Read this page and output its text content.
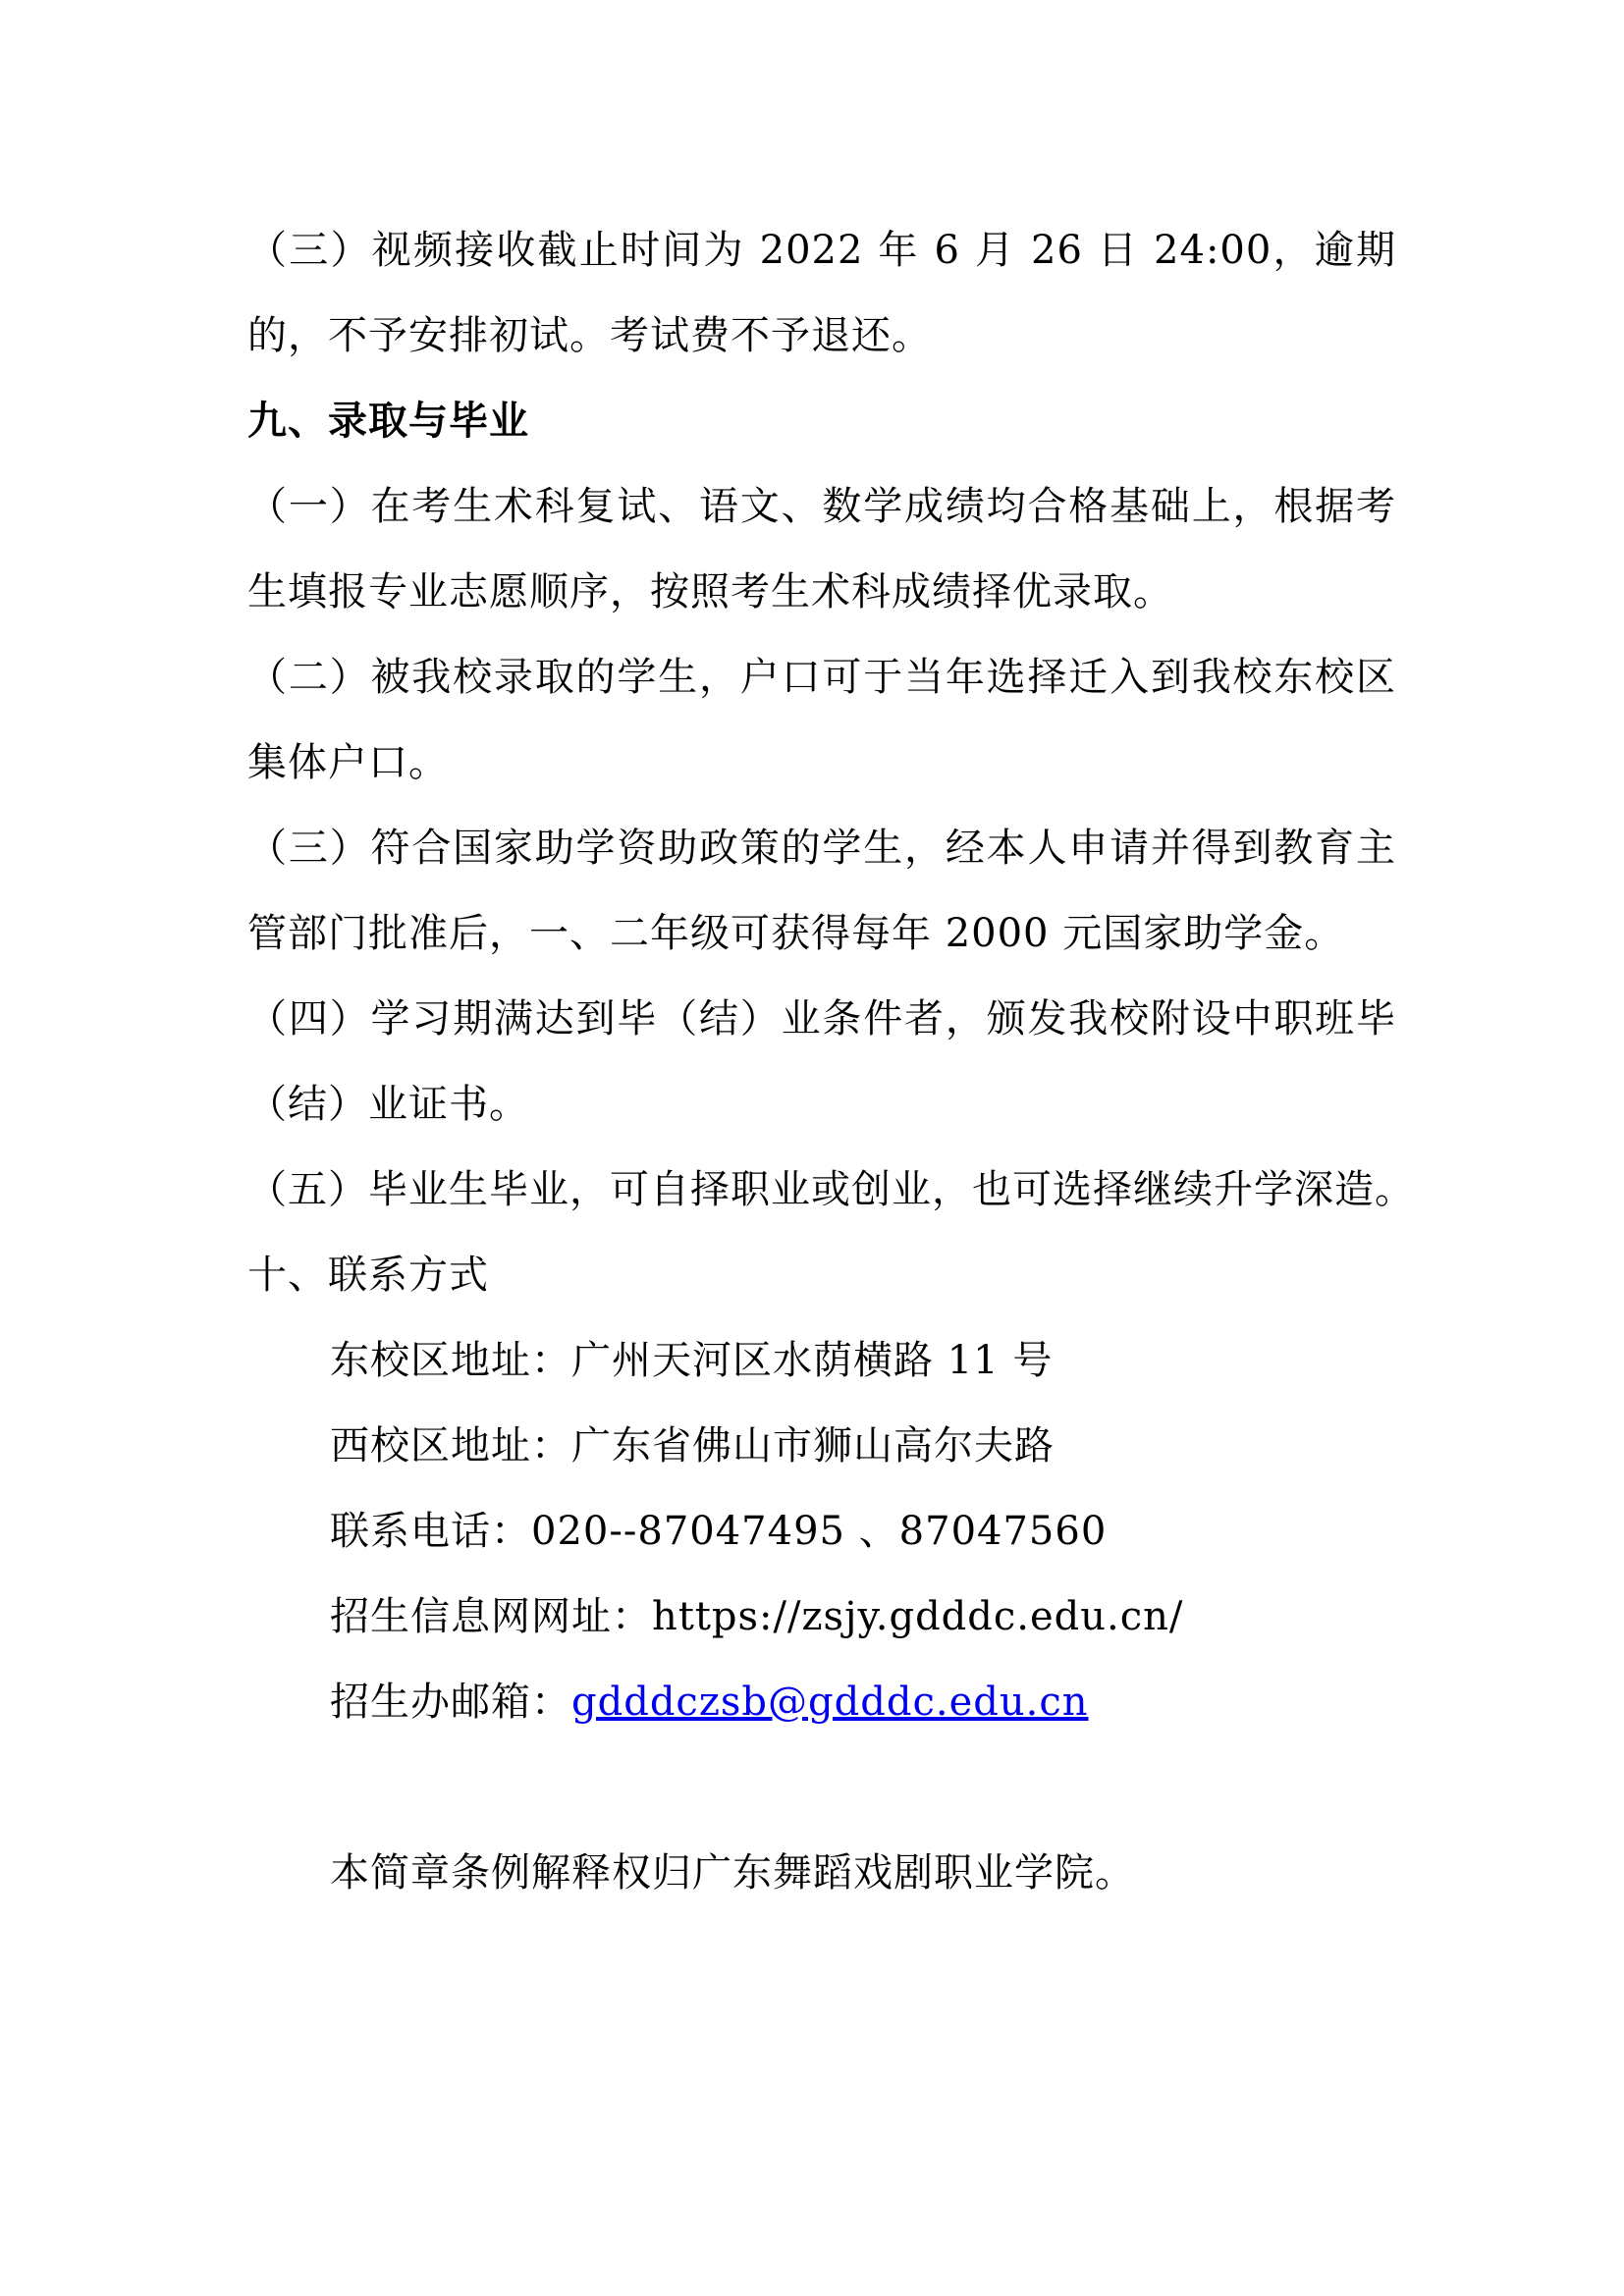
（三）视频接收截止时间为 2022 年 6 月 26 日 24:00，逾期
的，不予安排初试。考试费不予退还。
九、录取与毕业
（一）在考生术科复试、语文、数学成绩均合格基础上，根据考
生填报专业志愿顺序，按照考生术科成绩择优录取。
（二）被我校录取的学生，户口可于当年选择迁入到我校东校区
集体户口。
（三）符合国家助学资助政策的学生，经本人申请并得到教育主
管部门批准后，一、二年级可获得每年 2000 元国家助学金。
（四）学习期满达到毕（结）业条件者，颁发我校附设中职班毕
（结）业证书。
（五）毕业生毕业，可自择职业或创业，也可选择继续升学深造。
十、联系方式
东校区地址：广州天河区水荫横路 11 号
西校区地址：广东省佛山市狮山高尔夫路
联系电话：020--87047495 、87047560
招生信息网网址：https://zsjy.gdddc.edu.cn/
招生办邮箱：gdddczsb@gdddc.edu.cn
本简章条例解释权归广东舞蹈戏剧职业学院。
